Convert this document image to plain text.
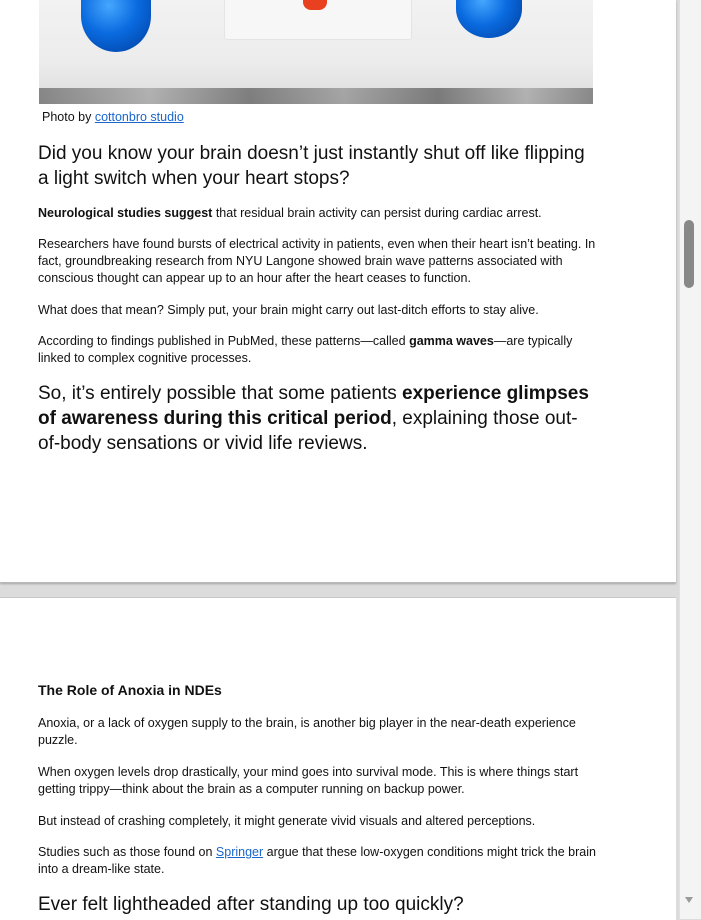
Photo by cottonbro studio
Did you know your brain doesn’t just instantly shut off like flipping a light switch when your heart stops?

Neurological studies suggest that residual brain activity can persist during cardiac arrest.

Researchers have found bursts of electrical activity in patients, even when their heart isn’t beating. In fact, groundbreaking research from NYU Langone showed brain wave patterns associated with conscious thought can appear up to an hour after the heart ceases to function.

What does that mean? Simply put, your brain might carry out last-ditch efforts to stay alive.

According to findings published in PubMed, these patterns—called gamma waves—are typically linked to complex cognitive processes.

So, it’s entirely possible that some patients experience glimpses of awareness during this critical period, explaining those out-of-body sensations or vivid life reviews.

The Role of Anoxia in NDEs

Anoxia, or a lack of oxygen supply to the brain, is another big player in the near-death experience puzzle.

When oxygen levels drop drastically, your mind goes into survival mode. This is where things start getting trippy—think about the brain as a computer running on backup power.

But instead of crashing completely, it might generate vivid visuals and altered perceptions.

Studies such as those found on Springer argue that these low-oxygen conditions might trick the brain into a dream-like state.

Ever felt lightheaded after standing up too quickly?
